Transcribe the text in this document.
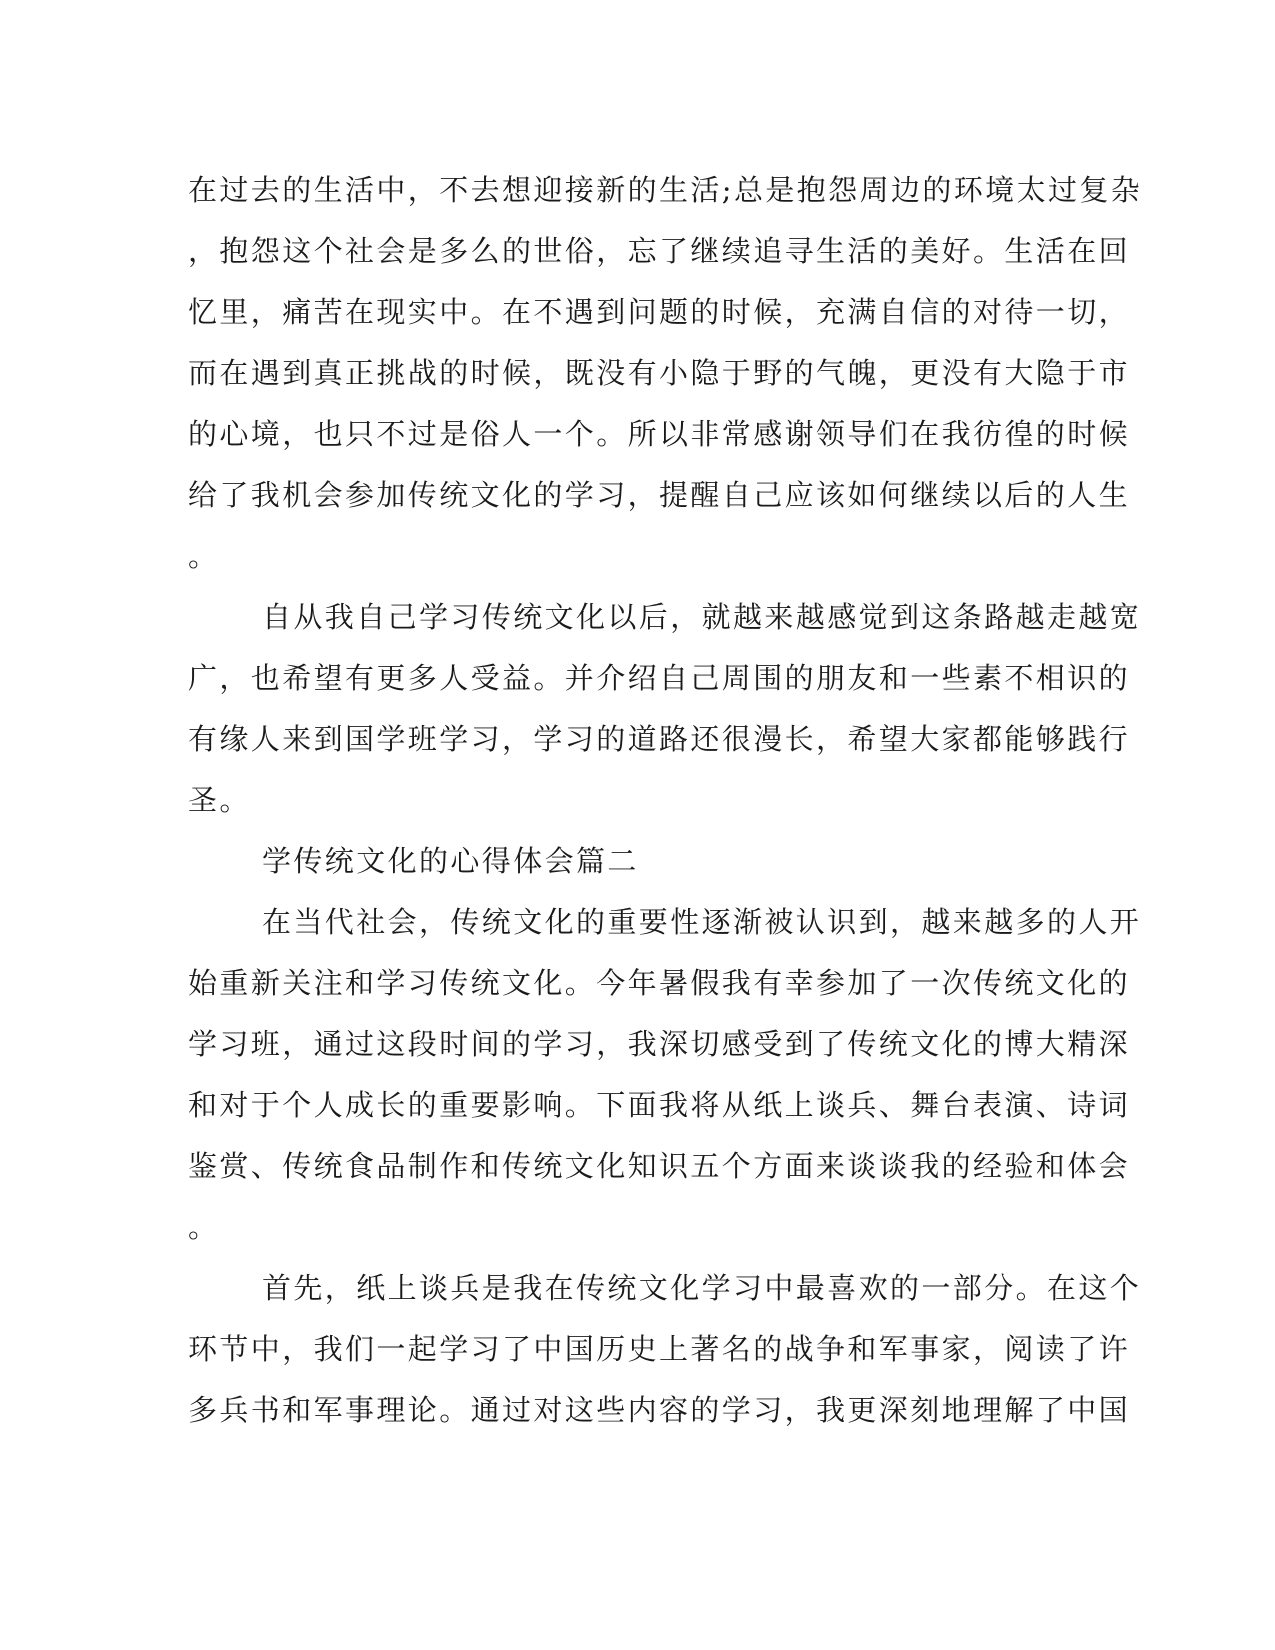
在过去的生活中，不去想迎接新的生活;总是抱怨周边的环境太过复杂
，抱怨这个社会是多么的世俗，忘了继续追寻生活的美好。生活在回
忆里，痛苦在现实中。在不遇到问题的时候，充满自信的对待一切，
而在遇到真正挑战的时候，既没有小隐于野的气魄，更没有大隐于市
的心境，也只不过是俗人一个。所以非常感谢领导们在我彷徨的时候
给了我机会参加传统文化的学习，提醒自己应该如何继续以后的人生
。
自从我自己学习传统文化以后，就越来越感觉到这条路越走越宽
广，也希望有更多人受益。并介绍自己周围的朋友和一些素不相识的
有缘人来到国学班学习，学习的道路还很漫长，希望大家都能够践行
圣。
学传统文化的心得体会篇二
在当代社会，传统文化的重要性逐渐被认识到，越来越多的人开
始重新关注和学习传统文化。今年暑假我有幸参加了一次传统文化的
学习班，通过这段时间的学习，我深切感受到了传统文化的博大精深
和对于个人成长的重要影响。下面我将从纸上谈兵、舞台表演、诗词
鉴赏、传统食品制作和传统文化知识五个方面来谈谈我的经验和体会
。
首先，纸上谈兵是我在传统文化学习中最喜欢的一部分。在这个
环节中，我们一起学习了中国历史上著名的战争和军事家，阅读了许
多兵书和军事理论。通过对这些内容的学习，我更深刻地理解了中国
